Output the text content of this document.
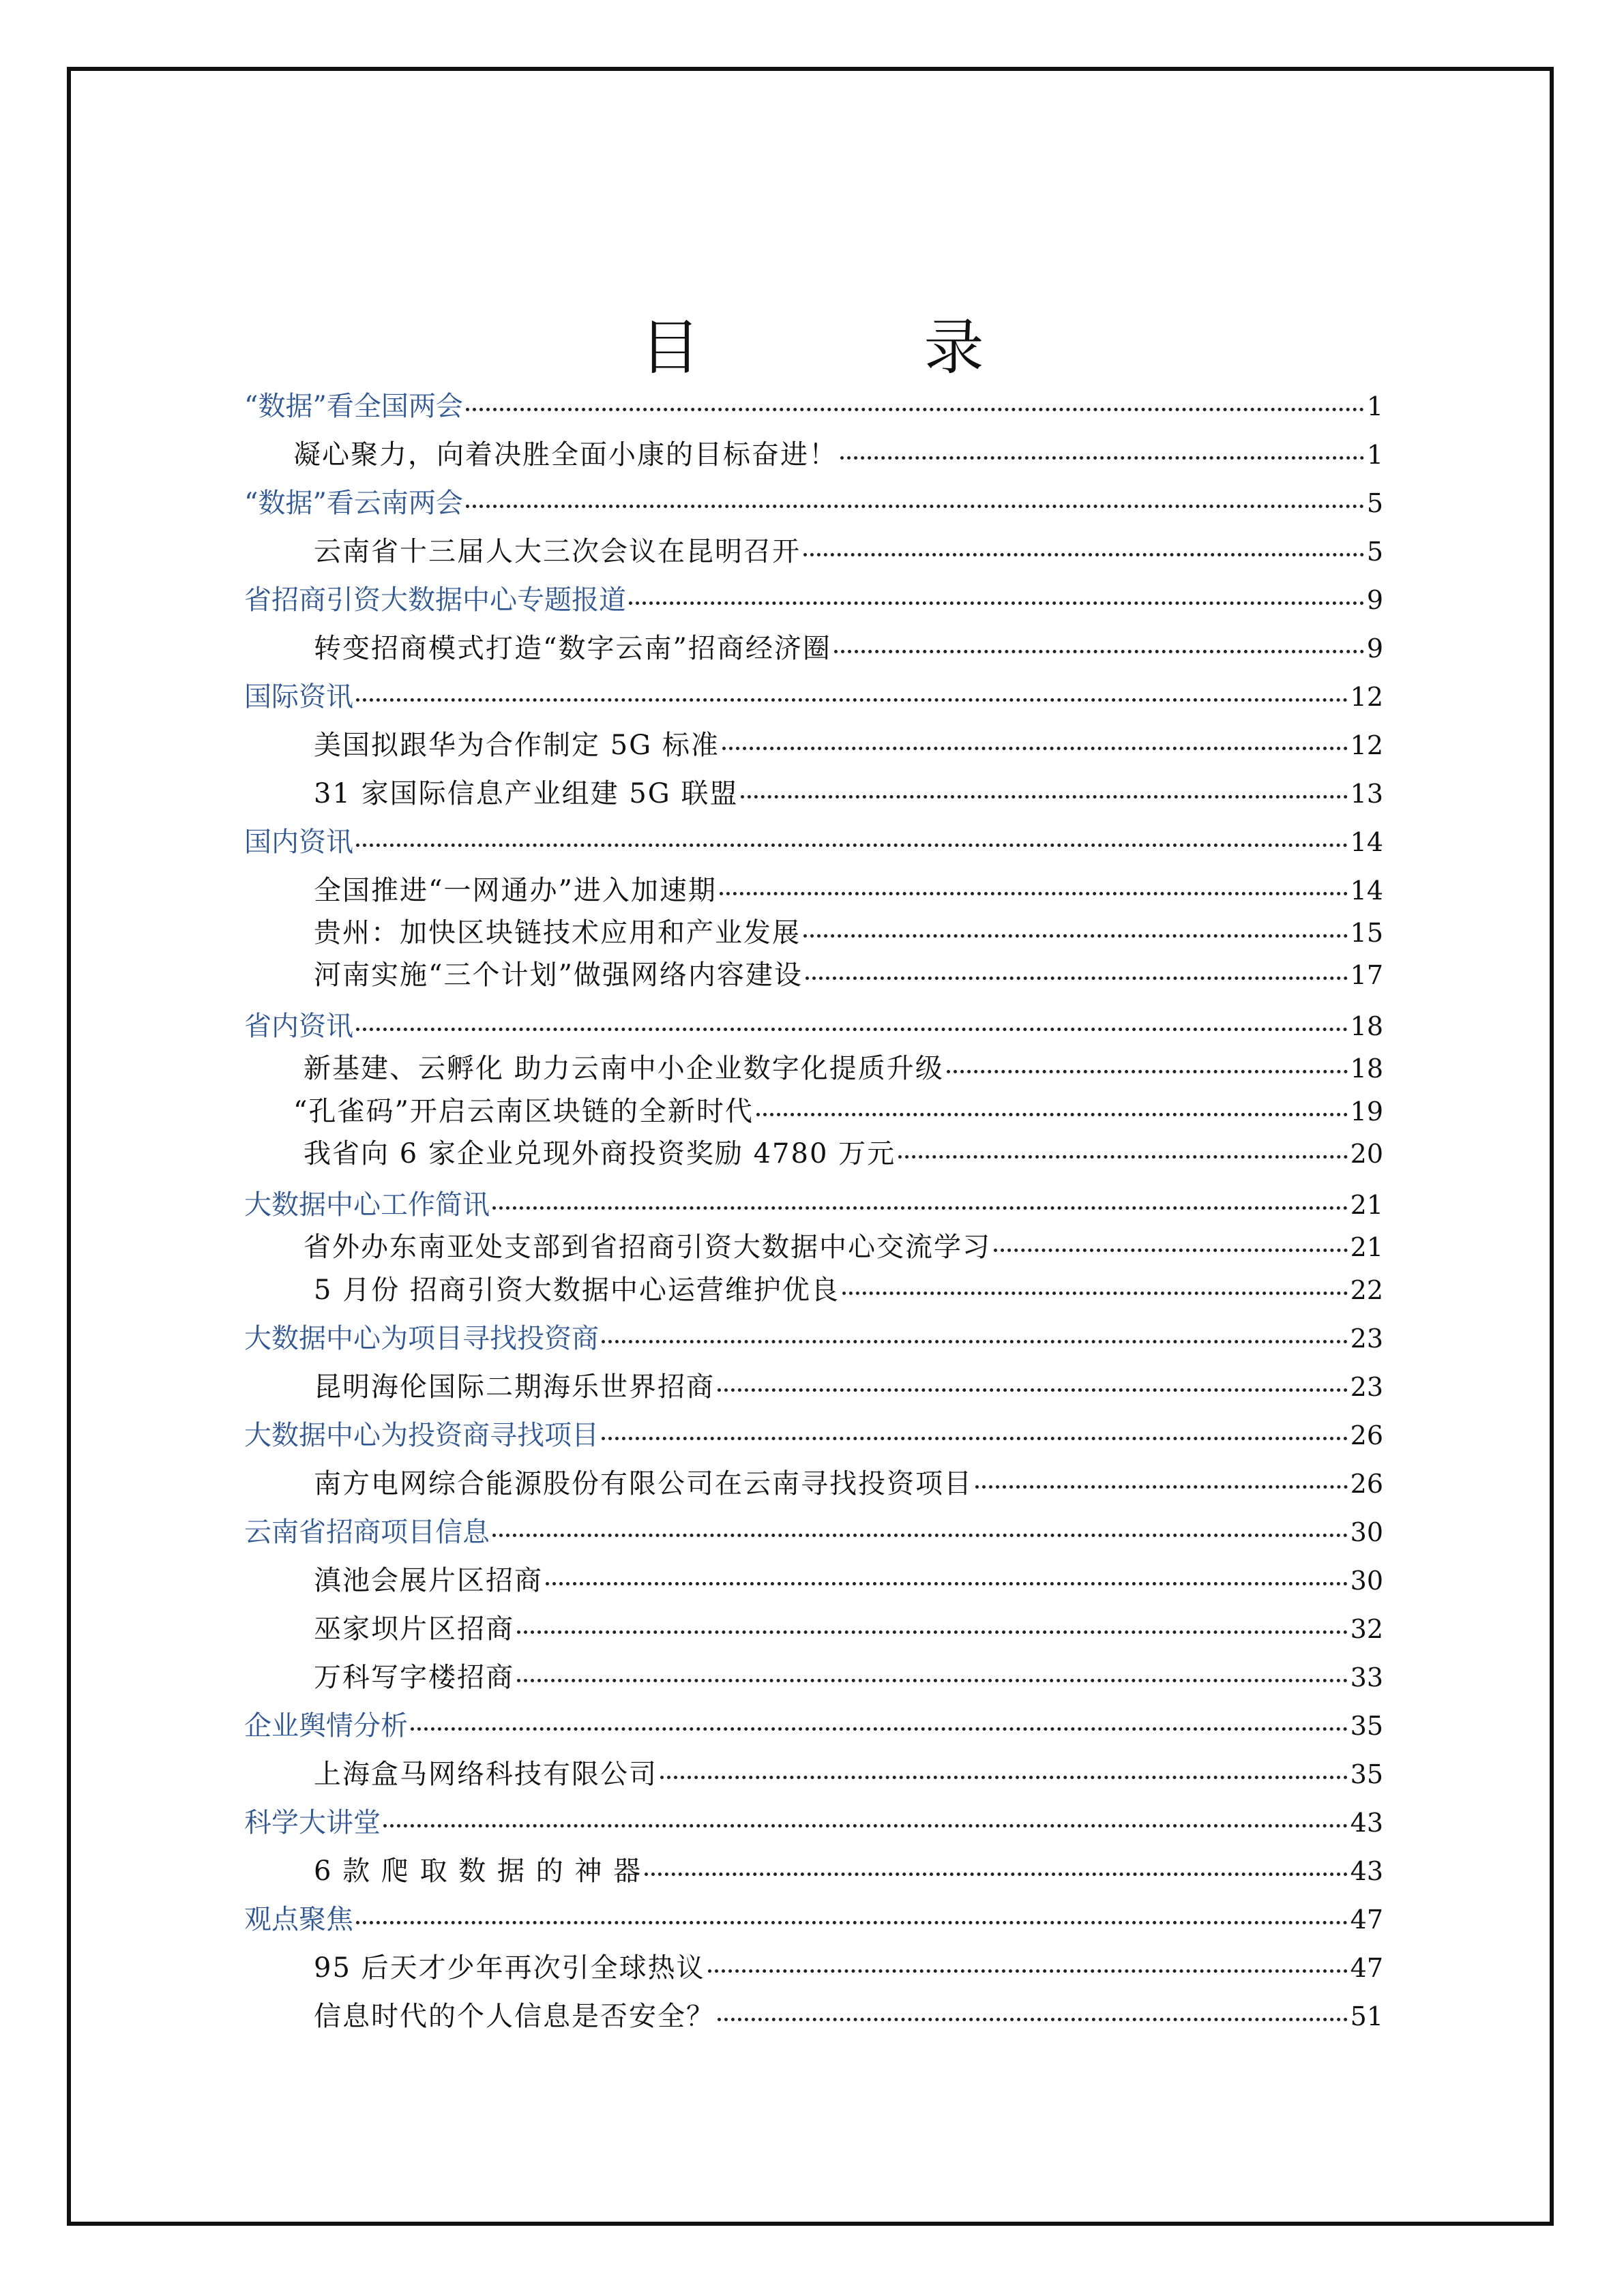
目　录
“数据”看全国两会	1
凝心聚力，向着决胜全面小康的目标奋进！	1
“数据”看云南两会	5
云南省十三届人大三次会议在昆明召开	5
省招商引资大数据中心专题报道	9
转变招商模式打造“数字云南”招商经济圈	9
国际资讯	12
美国拟跟华为合作制定 5G 标准	12
31 家国际信息产业组建 5G 联盟	13
国内资讯	14
全国推进“一网通办”进入加速期	14
贵州：加快区块链技术应用和产业发展	15
河南实施“三个计划”做强网络内容建设	17
省内资讯	18
新基建、云孵化 助力云南中小企业数字化提质升级	18
“孔雀码”开启云南区块链的全新时代	19
我省向 6 家企业兑现外商投资奖励 4780 万元	20
大数据中心工作简讯	21
省外办东南亚处支部到省招商引资大数据中心交流学习	21
5 月份 招商引资大数据中心运营维护优良	22
大数据中心为项目寻找投资商	23
昆明海伦国际二期海乐世界招商	23
大数据中心为投资商寻找项目	26
南方电网综合能源股份有限公司在云南寻找投资项目	26
云南省招商项目信息	30
滇池会展片区招商	30
巫家坝片区招商	32
万科写字楼招商	33
企业舆情分析	35
上海盒马网络科技有限公司	35
科学大讲堂	43
6 款 爬 取 数 据 的 神 器	43
观点聚焦	47
95 后天才少年再次引全球热议	47
信息时代的个人信息是否安全？	51
